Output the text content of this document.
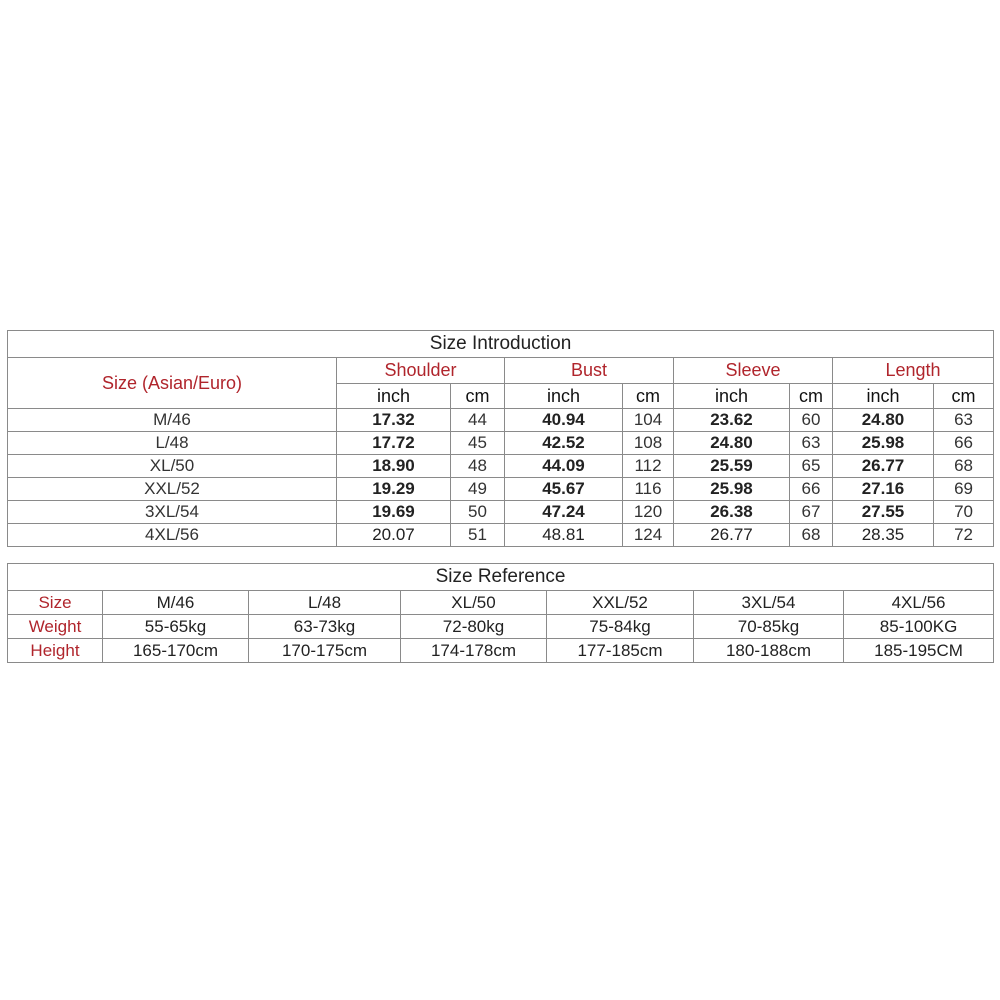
Size Introduction								
Size (Asian/Euro)	Shoulder		Bust		Sleeve		Length	
	inch	cm	inch	cm	inch	cm	inch	cm
M/46	17.32	44	40.94	104	23.62	60	24.80	63
L/48	17.72	45	42.52	108	24.80	63	25.98	66
XL/50	18.90	48	44.09	112	25.59	65	26.77	68
XXL/52	19.29	49	45.67	116	25.98	66	27.16	69
3XL/54	19.69	50	47.24	120	26.38	67	27.55	70
4XL/56	20.07	51	48.81	124	26.77	68	28.35	72
Size Reference						
Size	M/46	L/48	XL/50	XXL/52	3XL/54	4XL/56
Weight	55-65kg	63-73kg	72-80kg	75-84kg	70-85kg	85-100KG
Height	165-170cm	170-175cm	174-178cm	177-185cm	180-188cm	185-195CM
